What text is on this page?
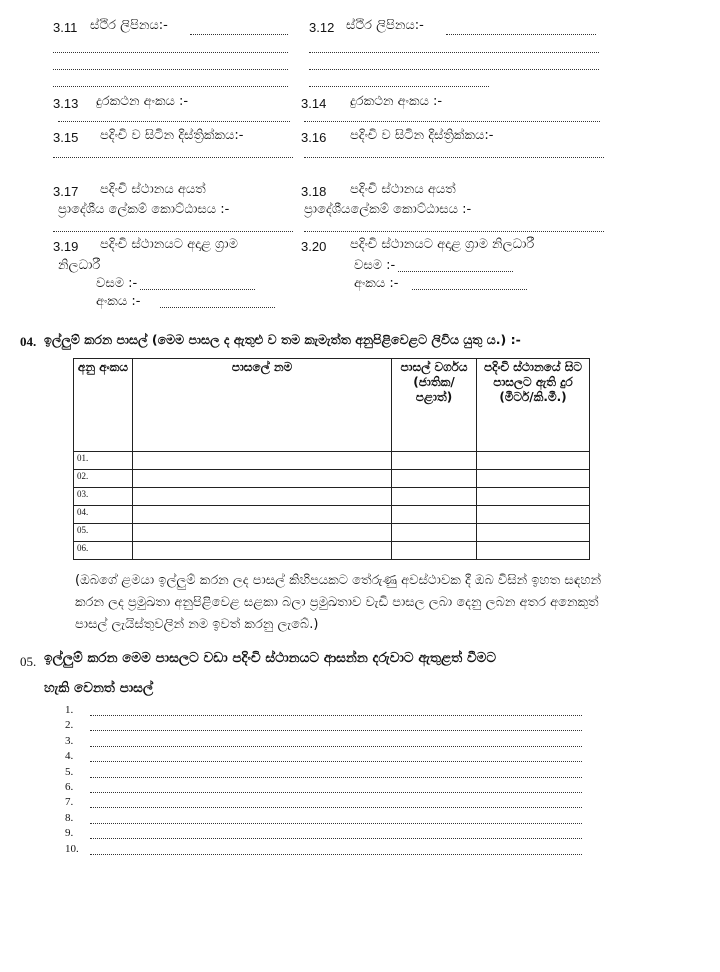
3.11 ස්ථිර ලිපිනය:-	3.12 ස්ථිර ලිපිනය:-
3.13 දුරකථන අංකය :-	3.14 දුරකථන අංකය :-
3.15 පදිංචි ව සිටින දිස්ත්‍රික්කය:-	3.16 පදිංචි ව සිටින දිස්ත්‍රික්කය:-
3.17 පදිංචි ස්ථානය අයත්
ප්‍රාදේශීය ලේකම් කොට්ඨාසය :-
3.18 පදිංචි ස්ථානය අයත්
ප්‍රාදේශීයලේකම් කොට්ඨාසය :-
3.19 පදිංචි ස්ථානයට අදාළ ග්‍රාම
නිලධාරී
වසම :-
අංකය :-
3.20 පදිංචි ස්ථානයට අදාළ ග්‍රාම නිලධාරී
වසම :-
අංකය :-
04. ඉල්ලුම් කරන පාසල් (මෙම පාසල ද ඇතුළු ව තම කැමැත්ත අනුපිළිවෙළට ලිවිය යුතු ය.) :-
අනු අංකය	පාසලේ නම	පාසල් වර්ගය (ජාතික/ පළාත්)	පදිංචි ස්ථානයේ සිට පාසලට ඇති දුර (මීටර්/කි.මී.)
01.			
02.			
03.			
04.			
05.			
06.			
(ඔබගේ ළමයා ඉල්ලුම් කරන ලද පාසල් කිහිපයකට තේරුණු අවස්ථාවක දී ඔබ විසින් ඉහත සඳහන් කරන ලද ප්‍රමුඛතා අනුපිළිවෙළ සළකා බලා ප්‍රමුඛතාව වැඩි පාසල ලබා දෙනු ලබන අතර අනෙකුත් පාසල් ලැයිස්තුවලින් නම ඉවත් කරනු ලැබේ.)
05. ඉල්ලුම් කරන මෙම පාසලට වඩා පදිංචි ස්ථානයට ආසන්න දරුවාට ඇතුළත් වීමට
හැකි වෙනත් පාසල්
1.
2.
3.
4.
5.
6.
7.
8.
9.
10.
